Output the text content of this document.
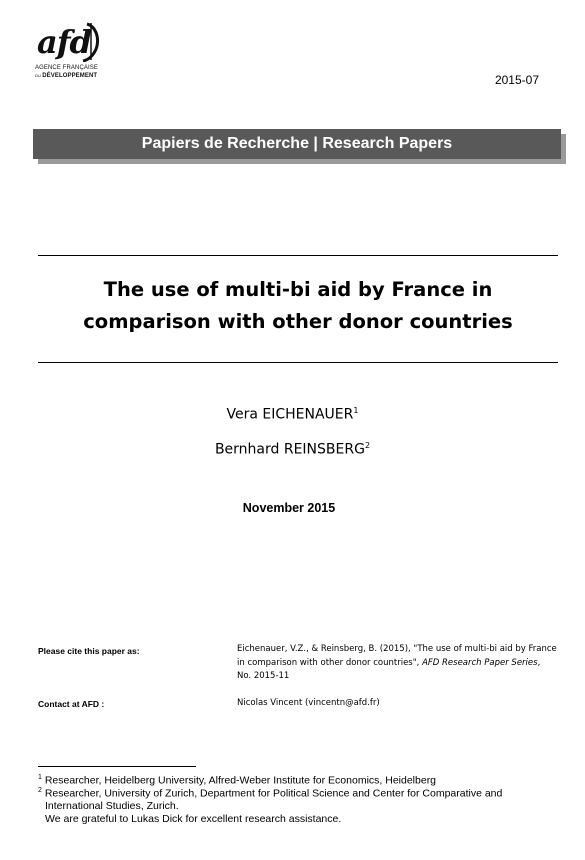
afd
AGENCE FRANÇAISE
DU DÉVELOPPEMENT	2015-07
Papiers de Recherche | Research Papers
The use of multi-bi aid by France in
comparison with other donor countries
Vera EICHENAUER$^1$
Bernhard REINSBERG$^2$
November 2015
Please cite this paper as:	Eichenauer, V.Z., & Reinsberg, B. (2015), "The use of multi-bi aid by France in comparison with other donor countries", AFD Research Paper Series, No. 2015-11
Contact at AFD :	Nicolas Vincent (vincentn@afd.fr)
$^1$ Researcher, Heidelberg University, Alfred-Weber Institute for Economics, Heidelberg
$^2$ Researcher, University of Zurich, Department for Political Science and Center for Comparative and
International Studies, Zurich.
We are grateful to Lukas Dick for excellent research assistance.
